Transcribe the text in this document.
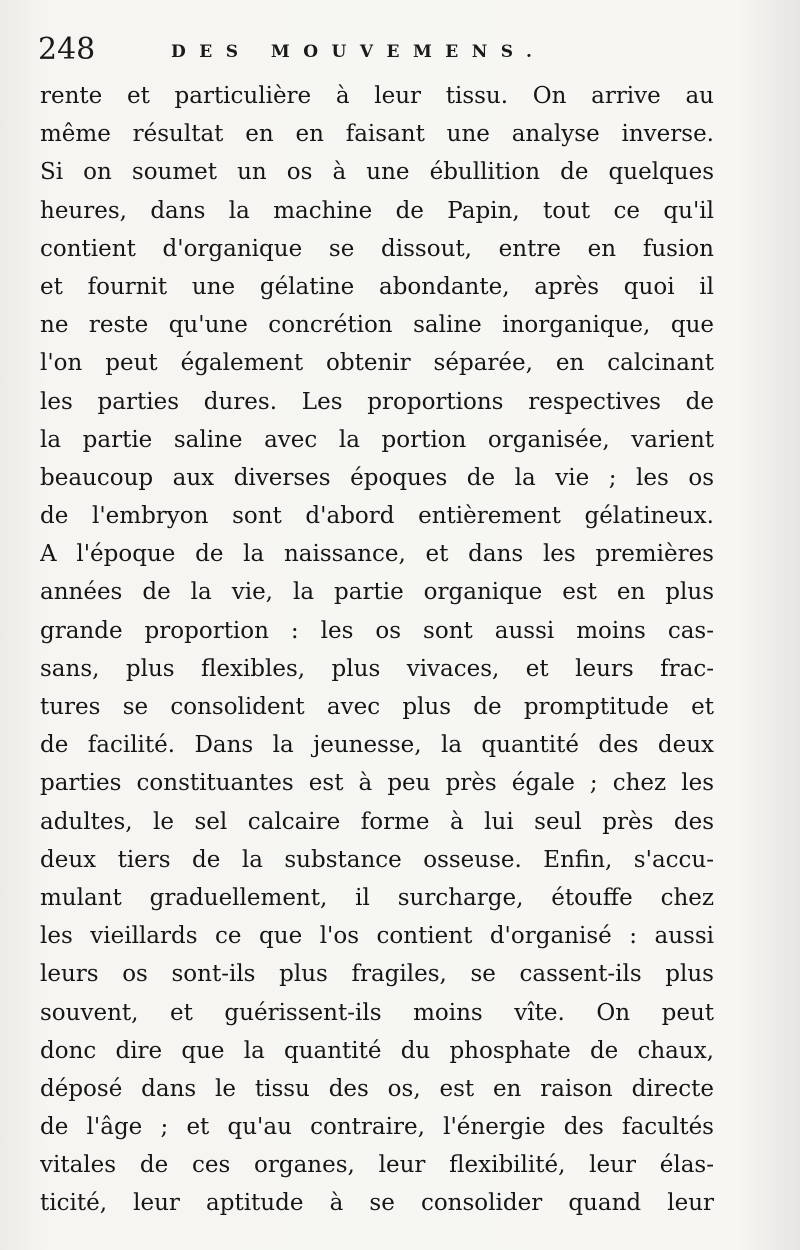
248	DES MOUVEMENS.
rente et particulière à leur tissu. On arrive au
même résultat en en faisant une analyse inverse.
Si on soumet un os à une ébullition de quelques
heures, dans la machine de Papin, tout ce qu'il
contient d'organique se dissout, entre en fusion
et fournit une gélatine abondante, après quoi il
ne reste qu'une concrétion saline inorganique, que
l'on peut également obtenir séparée, en calcinant
les parties dures. Les proportions respectives de
la partie saline avec la portion organisée, varient
beaucoup aux diverses époques de la vie ; les os
de l'embryon sont d'abord entièrement gélatineux.
A l'époque de la naissance, et dans les premières
années de la vie, la partie organique est en plus
grande proportion : les os sont aussi moins cas-
sans, plus flexibles, plus vivaces, et leurs frac-
tures se consolident avec plus de promptitude et
de facilité. Dans la jeunesse, la quantité des deux
parties constituantes est à peu près égale ; chez les
adultes, le sel calcaire forme à lui seul près des
deux tiers de la substance osseuse. Enfin, s'accu-
mulant graduellement, il surcharge, étouffe chez
les vieillards ce que l'os contient d'organisé : aussi
leurs os sont-ils plus fragiles, se cassent-ils plus
souvent, et guérissent-ils moins vîte. On peut
donc dire que la quantité du phosphate de chaux,
déposé dans le tissu des os, est en raison directe
de l'âge ; et qu'au contraire, l'énergie des facultés
vitales de ces organes, leur flexibilité, leur élas-
ticité, leur aptitude à se consolider quand leur
